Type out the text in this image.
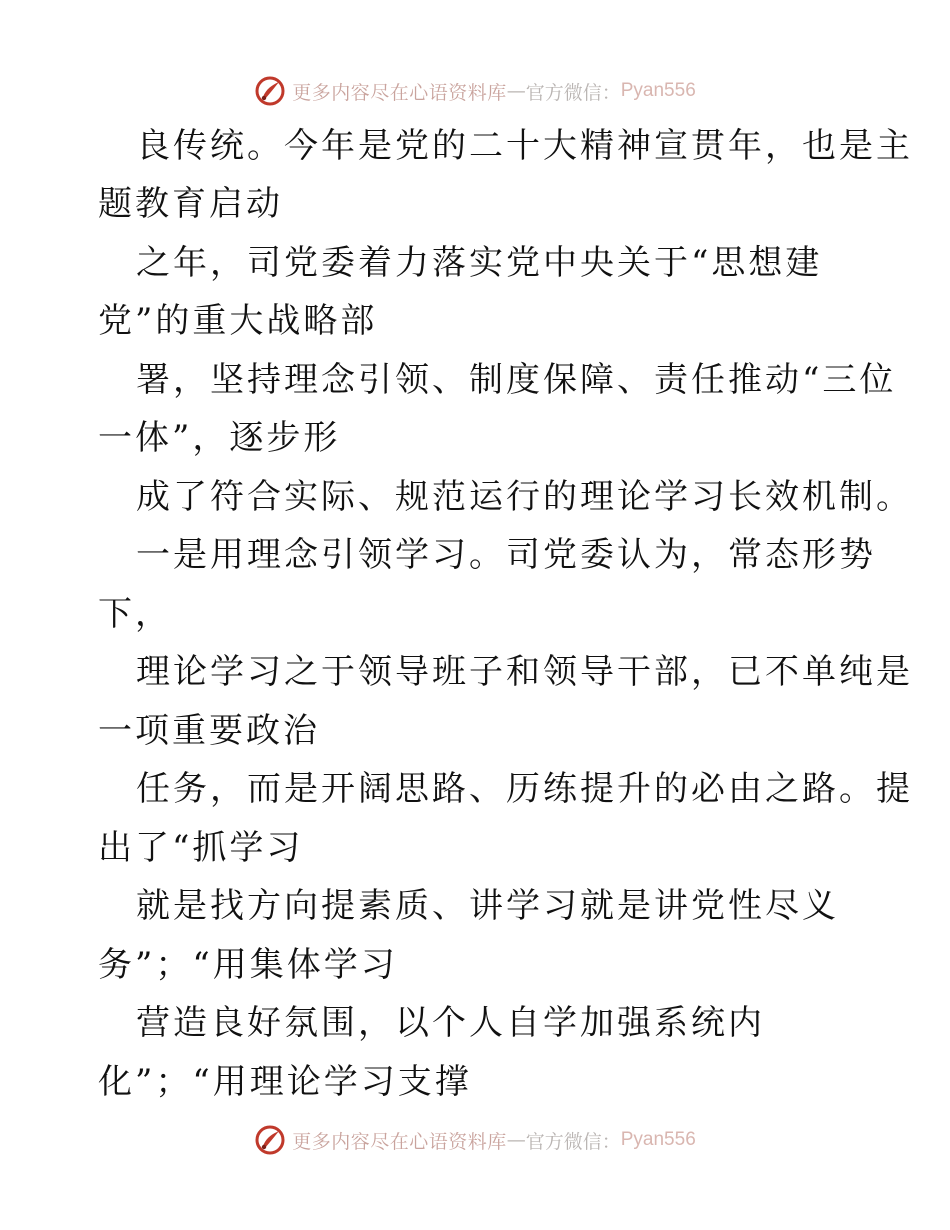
更多内容尽在心语资料库 — 官方微信： Pyan556
良传统。今年是党的二十大精神宣贯年，也是主
题教育启动
之年，司党委着力落实党中央关于“思想建
党”的重大战略部
署，坚持理念引领、制度保障、责任推动“三位
一体”，逐步形
成了符合实际、规范运行的理论学习长效机制。
一是用理念引领学习。司党委认为，常态形势
下，
理论学习之于领导班子和领导干部，已不单纯是
一项重要政治
任务，而是开阔思路、历练提升的必由之路。提
出了“抓学习
就是找方向提素质、讲学习就是讲党性尽义
务”；“用集体学习
营造良好氛围，以个人自学加强系统内
化”；“用理论学习支撑
更多内容尽在心语资料库 — 官方微信： Pyan556
